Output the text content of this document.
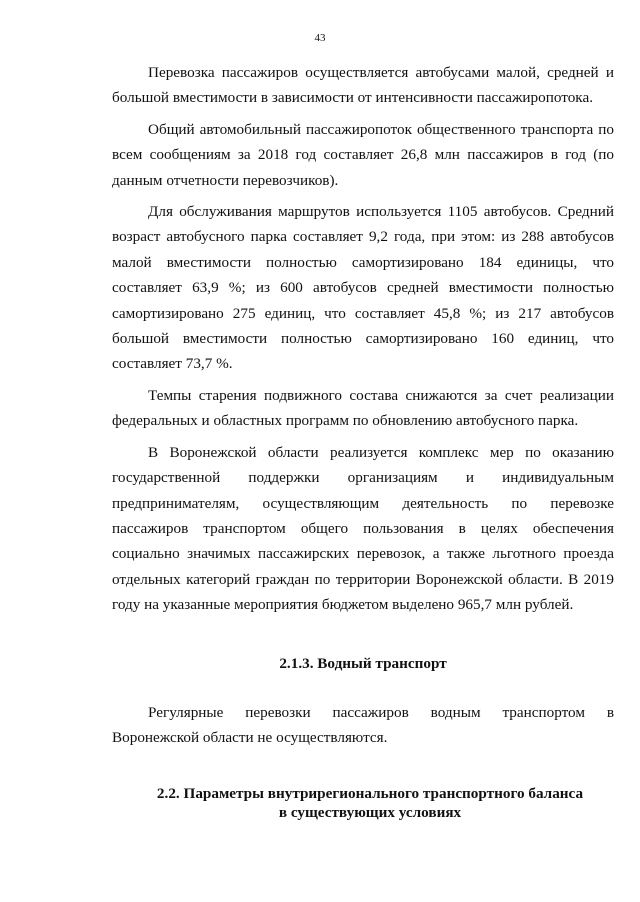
43

Перевозка пассажиров осуществляется автобусами малой, средней и большой вместимости в зависимости от интенсивности пассажиропотока.

Общий автомобильный пассажиропоток общественного транспорта по всем сообщениям за 2018 год составляет 26,8 млн пассажиров в год (по данным отчетности перевозчиков).

Для обслуживания маршрутов используется 1105 автобусов. Средний возраст автобусного парка составляет 9,2 года, при этом: из 288 автобусов малой вместимости полностью самортизировано 184 единицы, что составляет 63,9 %; из 600 автобусов средней вместимости полностью самортизировано 275 единиц, что составляет 45,8 %; из 217 автобусов большой вместимости полностью самортизировано 160 единиц, что составляет 73,7 %.

Темпы старения подвижного состава снижаются за счет реализации федеральных и областных программ по обновлению автобусного парка.

В Воронежской области реализуется комплекс мер по оказанию государственной поддержки организациям и индивидуальным предпринимателям, осуществляющим деятельность по перевозке пассажиров транспортом общего пользования в целях обеспечения социально значимых пассажирских перевозок, а также льготного проезда отдельных категорий граждан по территории Воронежской области. В 2019 году на указанные мероприятия бюджетом выделено 965,7 млн рублей.

2.1.3. Водный транспорт

Регулярные перевозки пассажиров водным транспортом в Воронежской области не осуществляются.

2.2. Параметры внутрирегионального транспортного баланса
в существующих условиях
